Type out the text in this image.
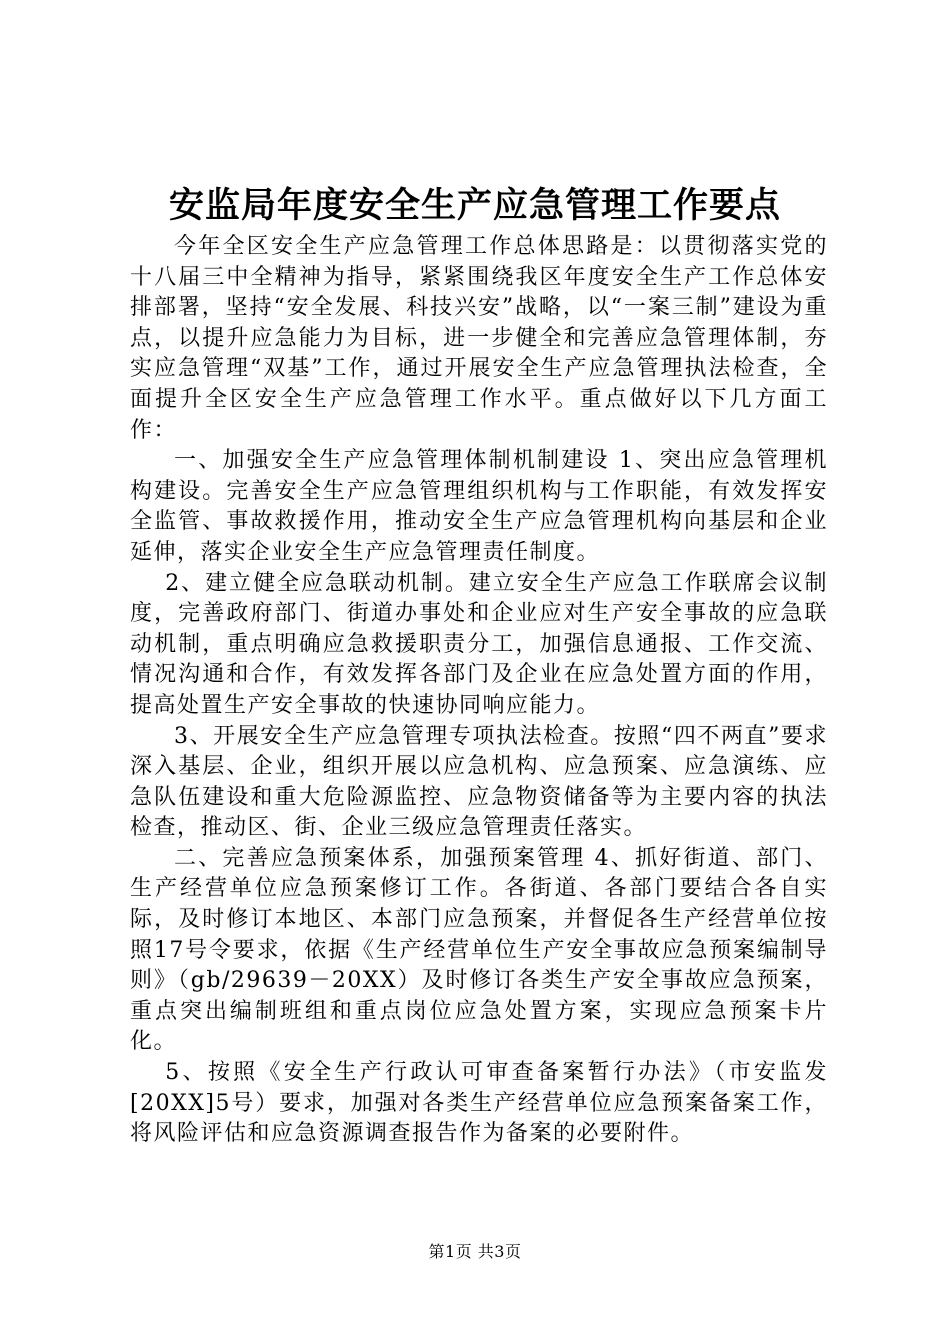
安监局年度安全生产应急管理工作要点

今年全区安全生产应急管理工作总体思路是：以贯彻落实党的十八届三中全精神为指导，紧紧围绕我区年度安全生产工作总体安排部署，坚持“安全发展、科技兴安”战略，以“一案三制”建设为重点，以提升应急能力为目标，进一步健全和完善应急管理体制，夯实应急管理“双基”工作，通过开展安全生产应急管理执法检查，全面提升全区安全生产应急管理工作水平。重点做好以下几方面工作：

一、加强安全生产应急管理体制机制建设 1、突出应急管理机构建设。完善安全生产应急管理组织机构与工作职能，有效发挥安全监管、事故救援作用，推动安全生产应急管理机构向基层和企业延伸，落实企业安全生产应急管理责任制度。

2、建立健全应急联动机制。建立安全生产应急工作联席会议制度，完善政府部门、街道办事处和企业应对生产安全事故的应急联动机制，重点明确应急救援职责分工，加强信息通报、工作交流、情况沟通和合作，有效发挥各部门及企业在应急处置方面的作用，提高处置生产安全事故的快速协同响应能力。

3、开展安全生产应急管理专项执法检查。按照“四不两直”要求深入基层、企业，组织开展以应急机构、应急预案、应急演练、应急队伍建设和重大危险源监控、应急物资储备等为主要内容的执法检查，推动区、街、企业三级应急管理责任落实。

二、完善应急预案体系，加强预案管理 4、抓好街道、部门、生产经营单位应急预案修订工作。各街道、各部门要结合各自实际，及时修订本地区、本部门应急预案，并督促各生产经营单位按照17号令要求，依据《生产经营单位生产安全事故应急预案编制导则》（gb/29639－20XX）及时修订各类生产安全事故应急预案，重点突出编制班组和重点岗位应急处置方案，实现应急预案卡片化。

5、按照《安全生产行政认可审查备案暂行办法》（市安监发[20XX]5号）要求，加强对各类生产经营单位应急预案备案工作，将风险评估和应急资源调查报告作为备案的必要附件。

第1页 共3页
